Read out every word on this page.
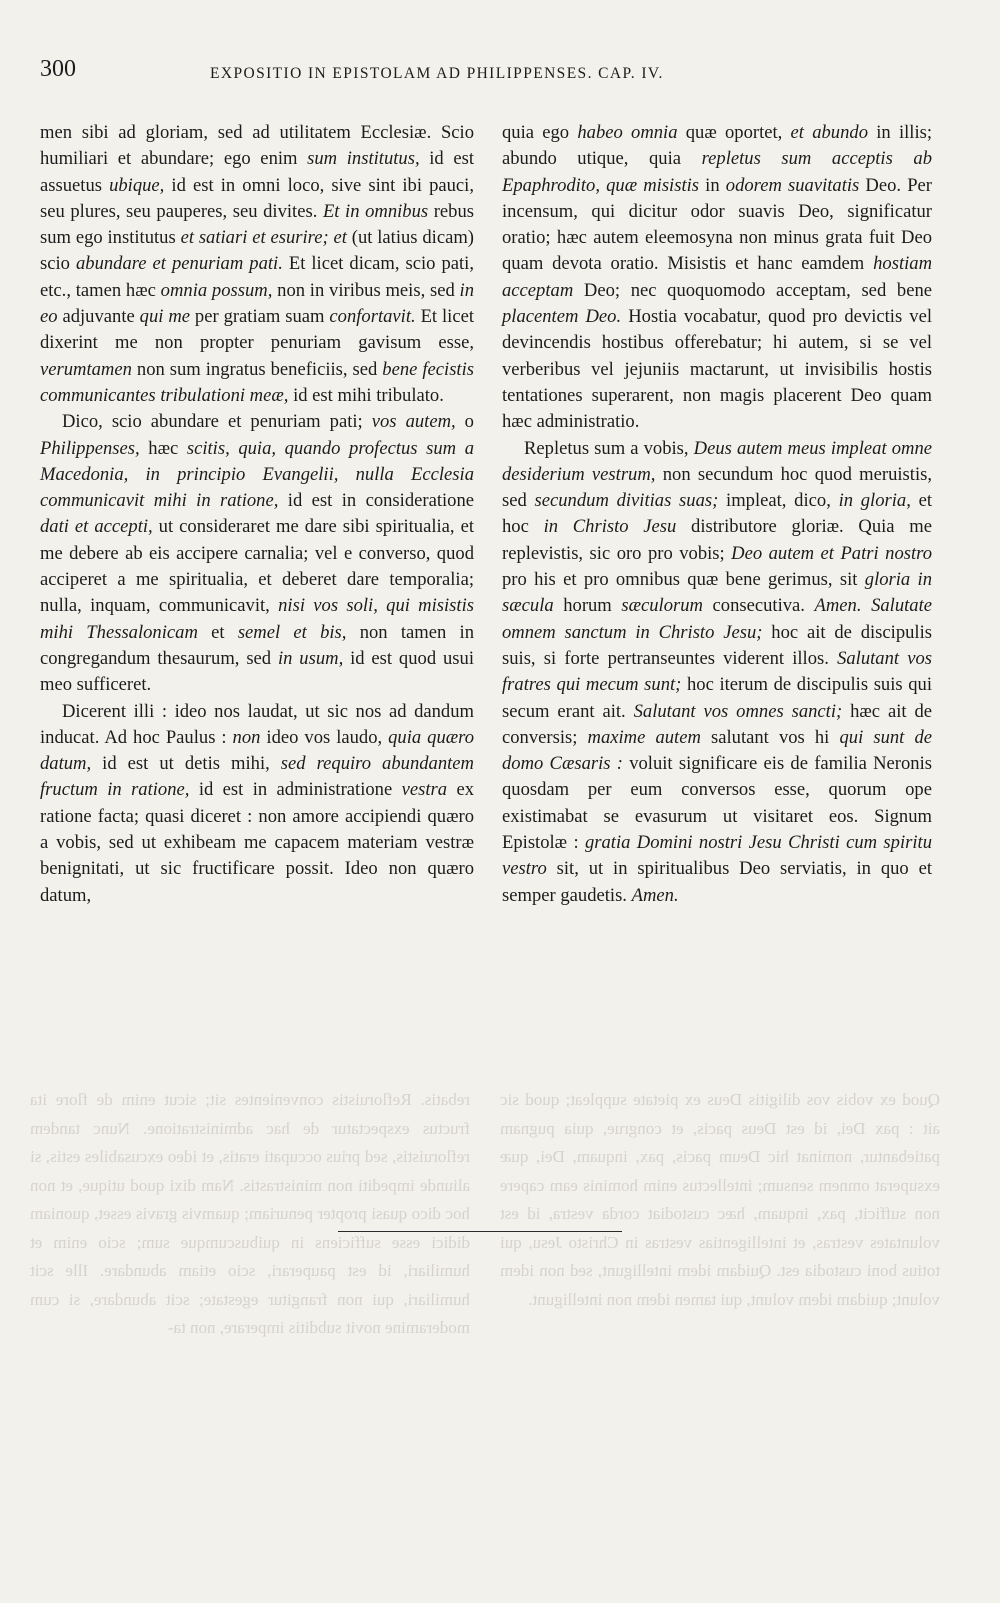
300	EXPOSITIO IN EPISTOLAM AD PHILIPPENSES. CAP. IV.
rebatis. Refloruistis convenientes sit; sicut enim de flore ita fructus exspectatur de hac administratione. Nunc tandem refloruistis, sed prius occupati eratis, et ideo excusabiles estis, si aliunde impediti non ministrastis. Nam dixi quod utique, et non hoc dico quasi propter penuriam; quamvis gravis esset, quoniam didici esse sufficiens in quibuscumque sum; scio enim et humiliari, id est pauperari, scio etiam abundare. Ille scit humiliari, qui non frangitur egestate; scit abundare, si cum moderamine novit subditis imperare, non ta-
Quod ex vobis vos diligitis Deus ex pietate suppleat; quod sic ait : pax Dei, id est Deus pacis, et congrue, quia pugnam patiebantur, nominat hic Deum pacis, pax, inquam, Dei, quæ exsuperat omnem sensum; intellectus enim hominis eam capere non sufficit, pax, inquam, hæc custodiat corda vestra, id est voluntates vestras, et intelligentias vestras in Christo Jesu, qui totius boni custodia est. Quidam idem intelligunt, sed non idem volunt; quidam idem volunt, qui tamen idem non intelligunt.

men sibi ad gloriam, sed ad utilitatem Ecclesiæ. Scio humiliari et abundare; ego enim sum institutus, id est assuetus ubique, id est in omni loco, sive sint ibi pauci, seu plures, seu pauperes, seu divites. Et in omnibus rebus sum ego institutus et satiari et esurire; et (ut latius dicam) scio abundare et penuriam pati. Et licet dicam, scio pati, etc., tamen hæc omnia possum, non in viribus meis, sed in eo adjuvante qui me per gratiam suam confortavit. Et licet dixerint me non propter penuriam gavisum esse, verumtamen non sum ingratus beneficiis, sed bene fecistis communicantes tribulationi meæ, id est mihi tribulato.

Dico, scio abundare et penuriam pati; vos autem, o Philippenses, hæc scitis, quia, quando profectus sum a Macedonia, in principio Evangelii, nulla Ecclesia communicavit mihi in ratione, id est in consideratione dati et accepti, ut consideraret me dare sibi spiritualia, et me debere ab eis accipere carnalia; vel e converso, quod acciperet a me spiritualia, et deberet dare temporalia; nulla, inquam, communicavit, nisi vos soli, qui misistis mihi Thessalonicam et semel et bis, non tamen in congregandum thesaurum, sed in usum, id est quod usui meo sufficeret.

Dicerent illi : ideo nos laudat, ut sic nos ad dandum inducat. Ad hoc Paulus : non ideo vos laudo, quia quæro datum, id est ut detis mihi, sed requiro abundantem fructum in ratione, id est in administratione vestra ex ratione facta; quasi diceret : non amore accipiendi quæro a vobis, sed ut exhibeam me capacem materiam vestræ benignitati, ut sic fructificare possit. Ideo non quæro datum,

quia ego habeo omnia quæ oportet, et abundo in illis; abundo utique, quia repletus sum acceptis ab Epaphrodito, quæ misistis in odorem suavitatis Deo. Per incensum, qui dicitur odor suavis Deo, significatur oratio; hæc autem eleemosyna non minus grata fuit Deo quam devota oratio. Misistis et hanc eamdem hostiam acceptam Deo; nec quoquomodo acceptam, sed bene placentem Deo. Hostia vocabatur, quod pro devictis vel devincendis hostibus offerebatur; hi autem, si se vel verberibus vel jejuniis mactarunt, ut invisibilis hostis tentationes superarent, non magis placerent Deo quam hæc administratio.

Repletus sum a vobis, Deus autem meus impleat omne desiderium vestrum, non secundum hoc quod meruistis, sed secundum divitias suas; impleat, dico, in gloria, et hoc in Christo Jesu distributore gloriæ. Quia me replevistis, sic oro pro vobis; Deo autem et Patri nostro pro his et pro omnibus quæ bene gerimus, sit gloria in sæcula horum sæculorum consecutiva. Amen. Salutate omnem sanctum in Christo Jesu; hoc ait de discipulis suis, si forte pertranseuntes viderent illos. Salutant vos fratres qui mecum sunt; hoc iterum de discipulis suis qui secum erant ait. Salutant vos omnes sancti; hæc ait de conversis; maxime autem salutant vos hi qui sunt de domo Cæsaris : voluit significare eis de familia Neronis quosdam per eum conversos esse, quorum ope existimabat se evasurum ut visitaret eos. Signum Epistolæ : gratia Domini nostri Jesu Christi cum spiritu vestro sit, ut in spiritualibus Deo serviatis, in quo et semper gaudetis. Amen.
